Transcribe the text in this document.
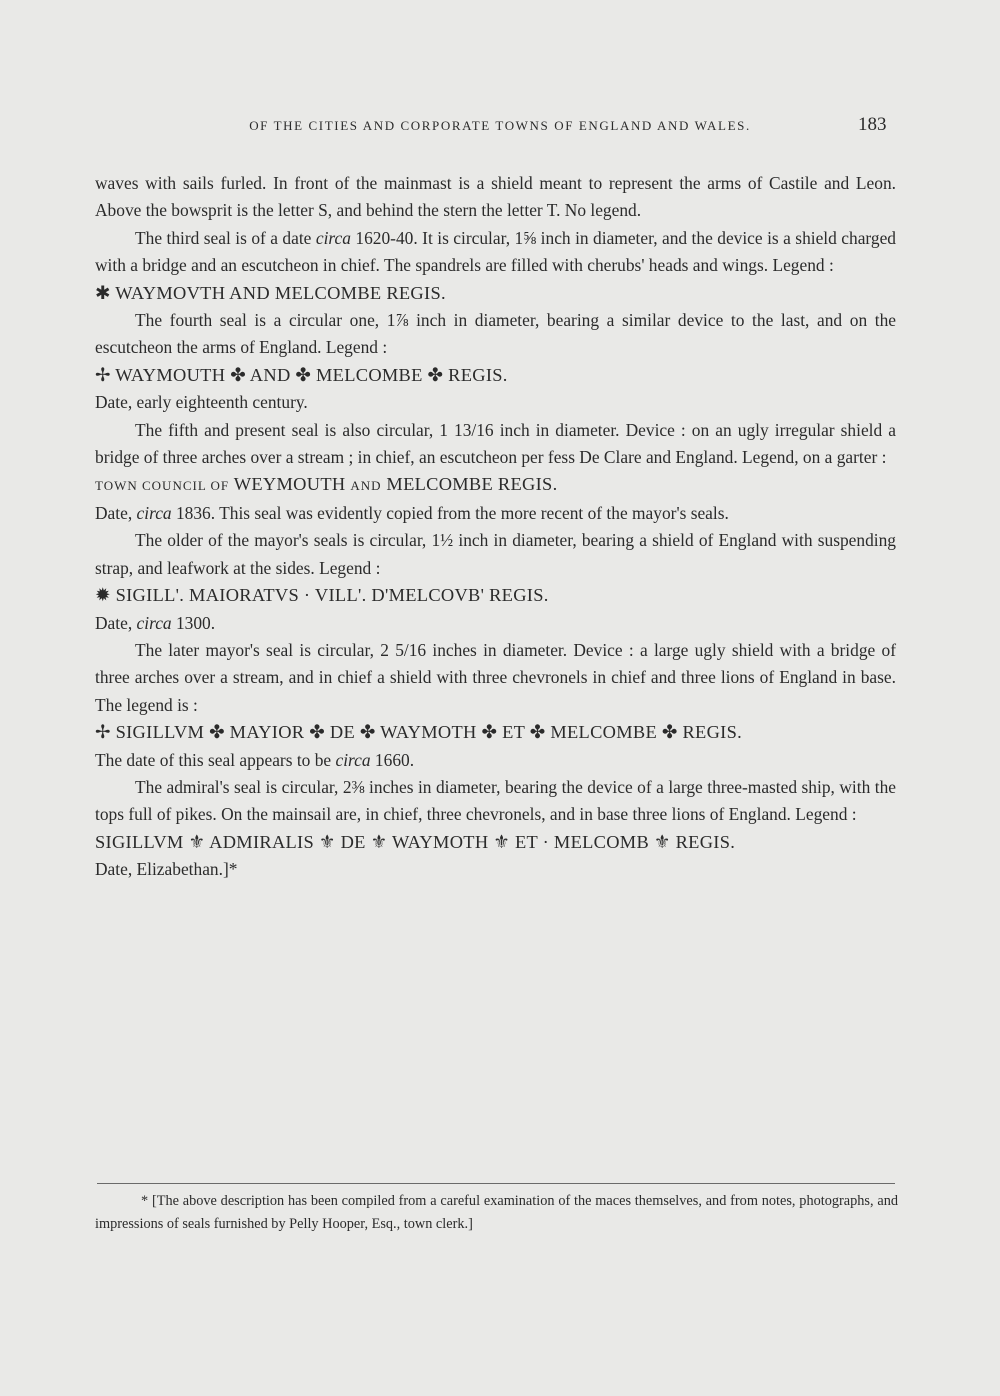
OF THE CITIES AND CORPORATE TOWNS OF ENGLAND AND WALES.	183

waves with sails furled. In front of the mainmast is a shield meant to represent the arms of Castile and Leon. Above the bowsprit is the letter S, and behind the stern the letter T. No legend.

The third seal is of a date circa 1620-40. It is circular, 1⅝ inch in diameter, and the device is a shield charged with a bridge and an escutcheon in chief. The spandrels are filled with cherubs' heads and wings. Legend :

✱ WAYMOVTH AND MELCOMBE REGIS.

The fourth seal is a circular one, 1⅞ inch in diameter, bearing a similar device to the last, and on the escutcheon the arms of England. Legend :

✢ WAYMOUTH ✤ AND ✤ MELCOMBE ✤ REGIS.

Date, early eighteenth century.

The fifth and present seal is also circular, 1 13/16 inch in diameter. Device : on an ugly irregular shield a bridge of three arches over a stream ; in chief, an escutcheon per fess De Clare and England. Legend, on a garter :

TOWN COUNCIL OF WEYMOUTH AND MELCOMBE REGIS.

Date, circa 1836. This seal was evidently copied from the more recent of the mayor's seals.

The older of the mayor's seals is circular, 1½ inch in diameter, bearing a shield of England with suspending strap, and leafwork at the sides. Legend :

✹ SIGILL'. MAIORATVS · VILL'. D'MELCOVB' REGIS.

Date, circa 1300.

The later mayor's seal is circular, 2 5/16 inches in diameter. Device : a large ugly shield with a bridge of three arches over a stream, and in chief a shield with three chevronels in chief and three lions of England in base. The legend is :

✢ SIGILLVM ✤ MAYIOR ✤ DE ✤ WAYMOTH ✤ ET ✤ MELCOMBE ✤ REGIS.

The date of this seal appears to be circa 1660.

The admiral's seal is circular, 2⅜ inches in diameter, bearing the device of a large three-masted ship, with the tops full of pikes. On the mainsail are, in chief, three chevronels, and in base three lions of England. Legend :

SIGILLVM ⚜ ADMIRALIS ⚜ DE ⚜ WAYMOTH ⚜ ET · MELCOMB ⚜ REGIS.

Date, Elizabethan.]*

* [The above description has been compiled from a careful examination of the maces themselves, and from notes, photographs, and impressions of seals furnished by Pelly Hooper, Esq., town clerk.]
